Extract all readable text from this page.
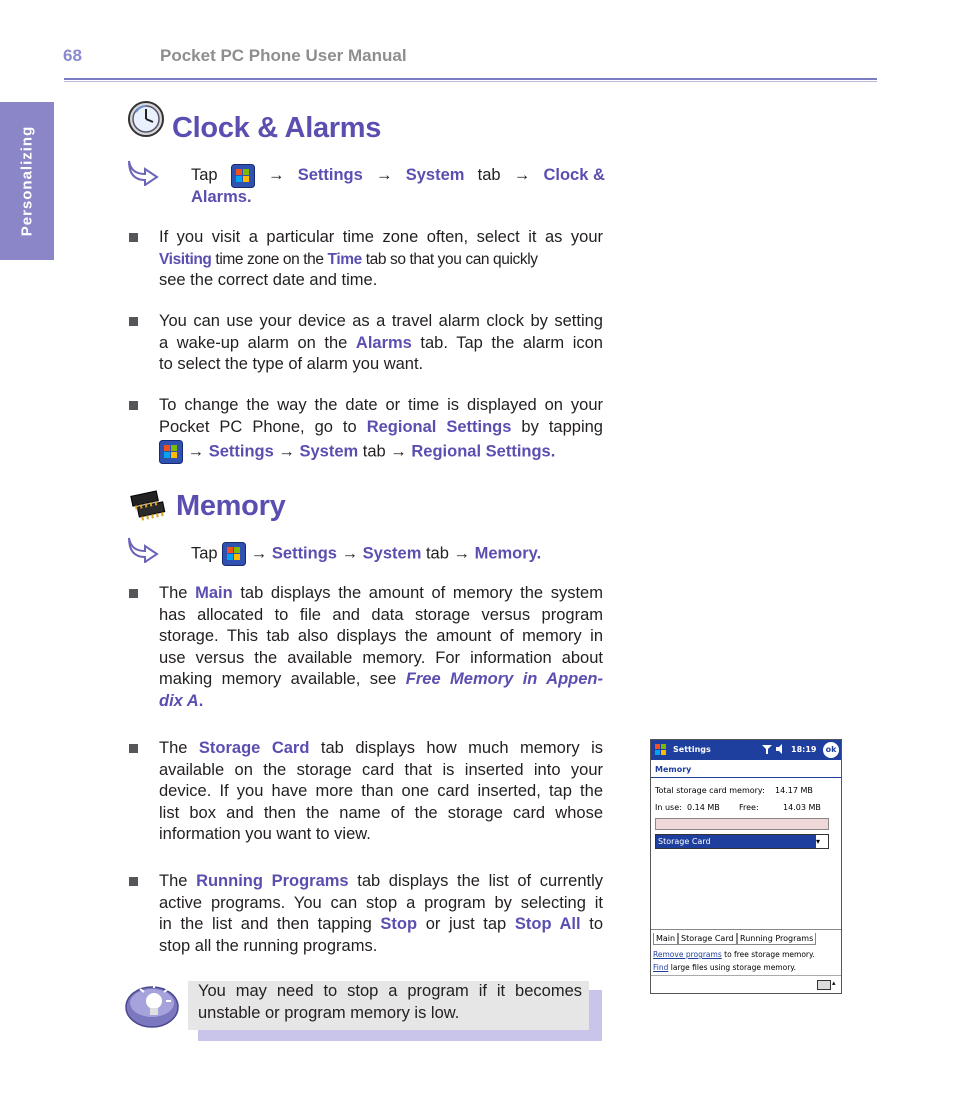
68	Pocket PC Phone User Manual
Personalizing	Clock & Alarms
Tap	→ Settings → System tab → Clock &
Alarms.
If you visit a particular time zone often, select it as your
Visiting time zone on the Time tab so that you can quickly
see the correct date and time.
You can use your device as a travel alarm clock by setting
a wake-up alarm on the Alarms tab. Tap the alarm icon
to select the type of alarm you want.
To change the way the date or time is displayed on your
Pocket PC Phone, go to Regional Settings by tapping
→ Settings → System tab → Regional Settings.
Memory
Tap → Settings → System tab → Memory.
The Main tab displays the amount of memory the system
has allocated to file and data storage versus program
storage. This tab also displays the amount of memory in
use versus the available memory. For information about
making memory available, see Free Memory in Appen-
dix A.
The Storage Card tab displays how much memory is
available on the storage card that is inserted into your
device. If you have more than one card inserted, tap the
list box and then the name of the storage card whose
information you want to view.
The Running Programs tab displays the list of currently
active programs. You can stop a program by selecting it
in the list and then tapping Stop or just tap Stop All to
stop all the running programs.
You may need to stop a program if it becomes
unstable or program memory is low.
Settings	18:19	ok
Memory
Total storage card memory: 14.17 MB
In use: 0.14 MB Free:	14.03 MB
Storage Card	▾
Main Storage Card Running Programs
Remove programs to free storage memory.
Find large files using storage memory.
▴
